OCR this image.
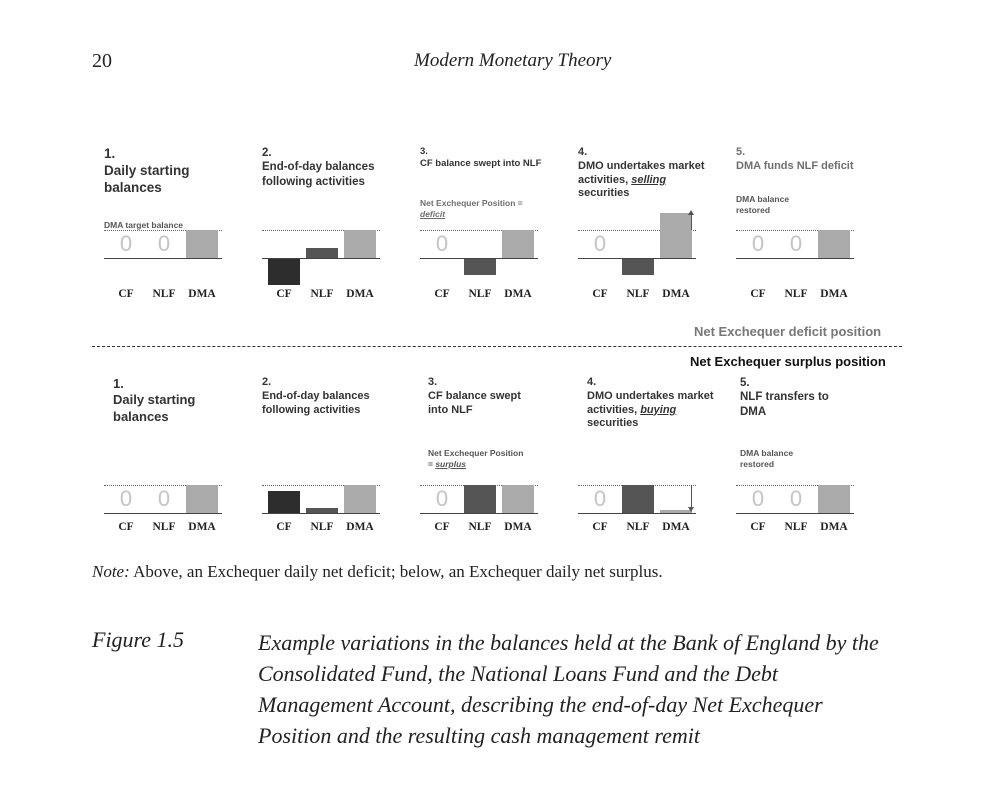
20	Modern Monetary Theory
1.
Daily starting balances
DMA target balance
2.
End-of-day balances following activities
3.
CF balance swept into NLF
Net Exchequer Position = deficit
4.
DMO undertakes market activities, selling securities
5.
DMA funds NLF deficit
DMA balance restored
Net Exchequer deficit position
Net Exchequer surplus position
1.
Daily starting balances
2.
End-of-day balances following activities
3.
CF balance swept into NLF
Net Exchequer Position = surplus
4.
DMO undertakes market activities, buying securities
5.
NLF transfers to DMA
DMA balance restored
0
CF
0
NLF	DMA	CF	NLF	DMA
0
CF	NLF	DMA
0
CF	NLF	DMA
0
CF
0
NLF	DMA
0
CF
0
NLF	DMA	CF	NLF	DMA
0
CF	NLF	DMA
0
CF	NLF	DMA
0
CF
0
NLF	DMA
Note: Above, an Exchequer daily net deficit; below, an Exchequer daily net surplus.
Figure 1.5	Example variations in the balances held at the Bank of England by the Consolidated Fund, the National Loans Fund and the Debt Management Account, describing the end-of-day Net Exchequer Position and the resulting cash management remit
